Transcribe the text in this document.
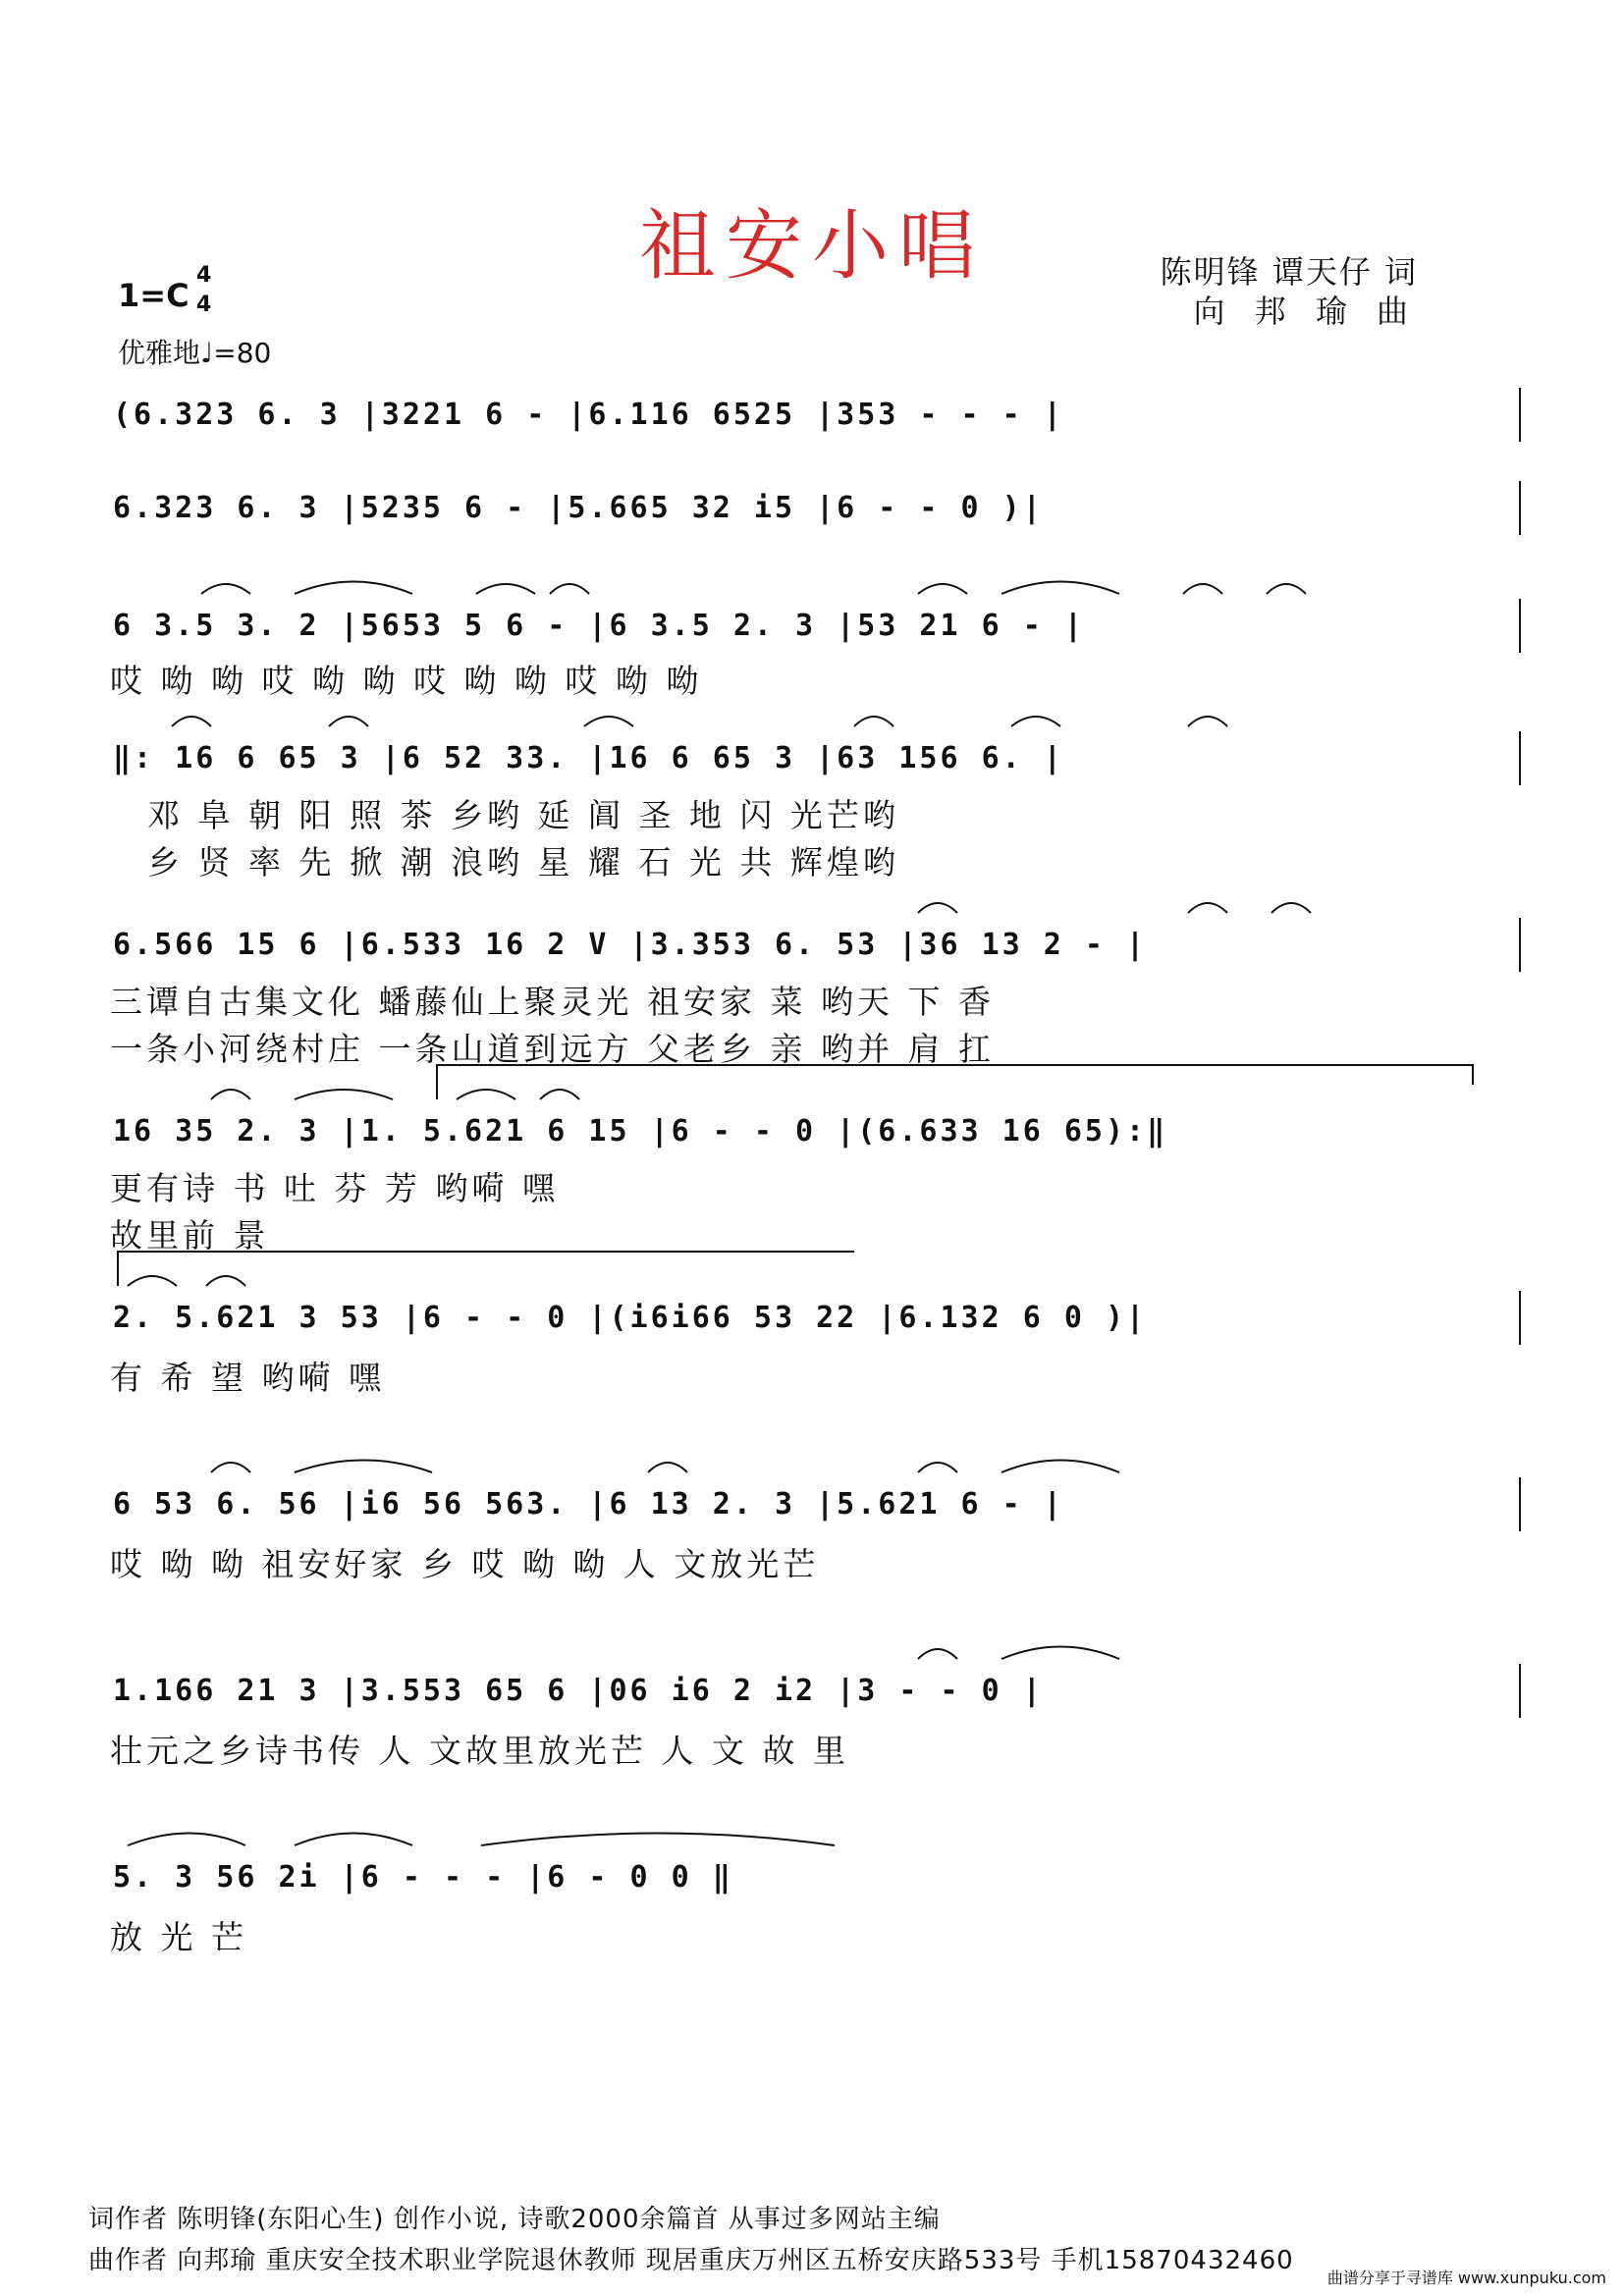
祖安小唱	陈明锋 谭天仔 词
向 邦 瑜 曲
1=C
4
4
优雅地♩=80
(6.323 6. 3 |3221 6 - |6.116 6525 |353 - - - |
6.323 6. 3 |5235 6 - |5.665 32 i5 |6 - - 0 )|
6 3.5 3. 2 |5653 5 6 - |6 3.5 2. 3 |53 21 6 - |
哎 呦 呦 哎 呦 呦 哎 呦 呦 哎 呦 呦
‖: 16 6 65 3 |6 52 33. |16 6 65 3 |63 156 6. |
邓 阜 朝 阳 照 茶 乡哟 延 阊 圣 地 闪 光芒哟
乡 贤 率 先 掀 潮 浪哟 星 耀 石 光 共 辉煌哟
6.566 15 6 |6.533 16 2 V |3.353 6. 53 |36 13 2 - |
三谭自古集文化 蟠藤仙上聚灵光 祖安家 菜 哟天 下 香
一条小河绕村庄 一条山道到远方 父老乡 亲 哟并 肩 扛
16 35 2. 3 |1. 5.621 6 15 |6 - - 0 |(6.633 16 65):‖
更有诗 书 吐 芬 芳 哟嗬 嘿
故里前 景
2. 5.621 3 53 |6 - - 0 |(i6i66 53 22 |6.132 6 0 )|
有 希 望 哟嗬 嘿
6 53 6. 56 |i6 56 563. |6 13 2. 3 |5.621 6 - |
哎 呦 呦 祖安好家 乡 哎 呦 呦 人 文放光芒
1.166 21 3 |3.553 65 6 |06 i6 2 i2 |3 - - 0 |
壮元之乡诗书传 人 文故里放光芒 人 文 故 里
5. 3 56 2i |6 - - - |6 - 0 0 ‖
放 光 芒
词作者 陈明锋(东阳心生) 创作小说, 诗歌2000余篇首 从事过多网站主编
曲作者 向邦瑜 重庆安全技术职业学院退休教师 现居重庆万州区五桥安庆路533号 手机15870432460
曲谱分享于寻谱库 www.xunpuku.com
